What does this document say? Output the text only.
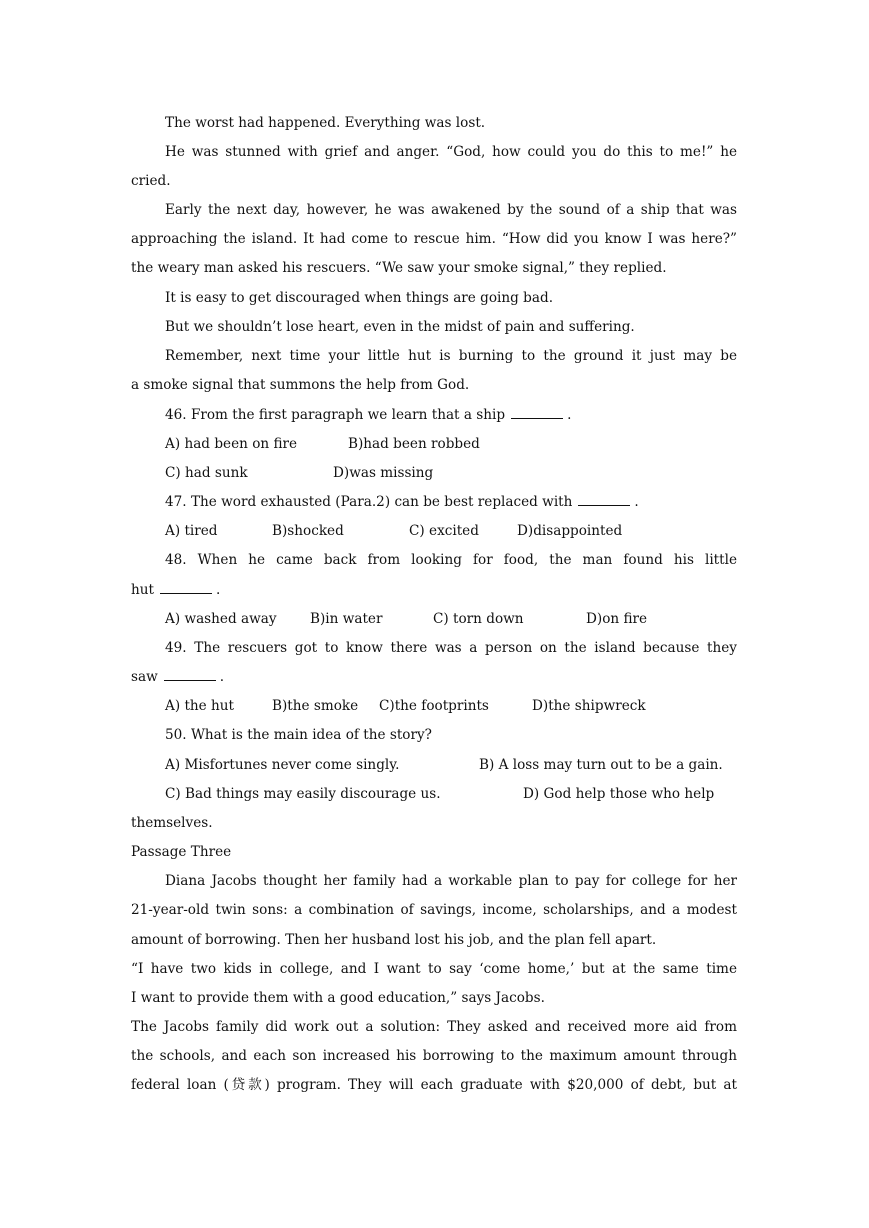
The worst had happened. Everything was lost.
He was stunned with grief and anger. “God, how could you do this to me!” he
cried.
Early the next day, however, he was awakened by the sound of a ship that was
approaching the island. It had come to rescue him. “How did you know I was here?”
the weary man asked his rescuers. “We saw your smoke signal,” they replied.
It is easy to get discouraged when things are going bad.
But we shouldn’t lose heart, even in the midst of pain and suffering.
Remember, next time your little hut is burning to the ground it just may be
a smoke signal that summons the help from God.
46. From the first paragraph we learn that a ship	.
A) had been on fire	B)had been robbed
C) had sunk	D)was missing
47. The word exhausted (Para.2) can be best replaced with	.
A) tired	B)shocked	C) excited	D)disappointed
48. When he came back from looking for food, the man found his little
hut	.
A) washed away B)in water	C) torn down	D)on fire
49. The rescuers got to know there was a person on the island because they
saw	.
A) the hut	B)the smoke C)the footprints	D)the shipwreck
50. What is the main idea of the story?
A) Misfortunes never come singly.	B) A loss may turn out to be a gain.

C) Bad things may easily discourage us.

	D) God help those who help

themselves.
Passage Three
Diana Jacobs thought her family had a workable plan to pay for college for her
21-year-old twin sons: a combination of savings, income, scholarships, and a modest
amount of borrowing. Then her husband lost his job, and the plan fell apart.
“I have two kids in college, and I want to say ‘come home,’ but at the same time
I want to provide them with a good education,” says Jacobs.
The Jacobs family did work out a solution: They asked and received more aid from
the schools, and each son increased his borrowing to the maximum amount through
federal loan (贷款) program. They will each graduate with $20,000 of debt, but at
